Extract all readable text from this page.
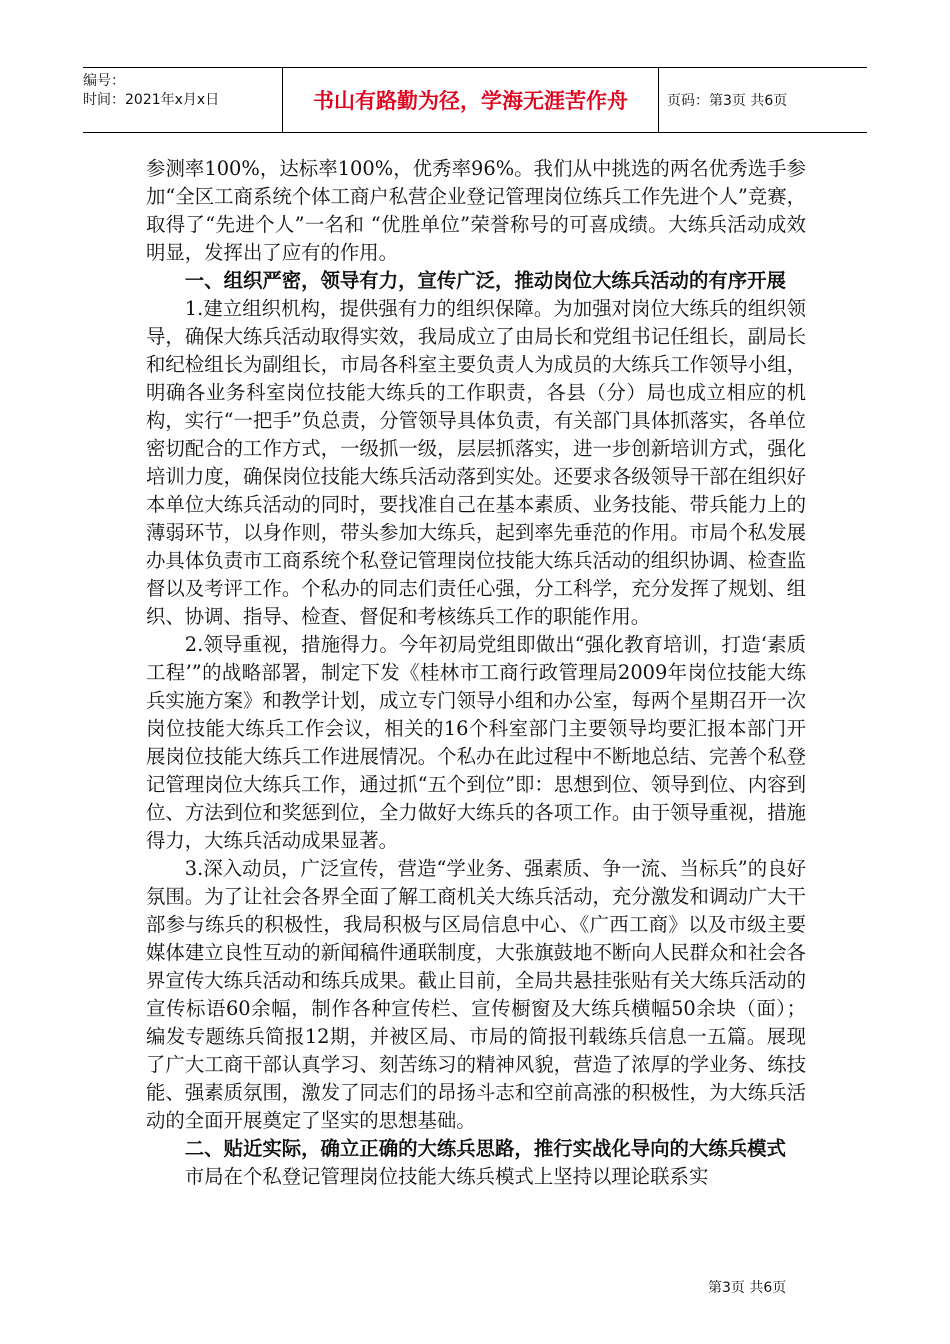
编号：
时间：2021年x月x日	书山有路勤为径，学海无涯苦作舟	页码：第3页 共6页

参测率100%，达标率100%，优秀率96%。我们从中挑选的两名优秀选手参加“全区工商系统个体工商户私营企业登记管理岗位练兵工作先进个人”竞赛，取得了“先进个人”一名和 “优胜单位”荣誉称号的可喜成绩。大练兵活动成效明显，发挥出了应有的作用。

一、组织严密，领导有力，宣传广泛，推动岗位大练兵活动的有序开展

1.建立组织机构，提供强有力的组织保障。为加强对岗位大练兵的组织领导，确保大练兵活动取得实效，我局成立了由局长和党组书记任组长，副局长和纪检组长为副组长，市局各科室主要负责人为成员的大练兵工作领导小组，明确各业务科室岗位技能大练兵的工作职责，各县（分）局也成立相应的机构，实行“一把手”负总责，分管领导具体负责，有关部门具体抓落实，各单位密切配合的工作方式，一级抓一级，层层抓落实，进一步创新培训方式，强化培训力度，确保岗位技能大练兵活动落到实处。还要求各级领导干部在组织好本单位大练兵活动的同时，要找准自己在基本素质、业务技能、带兵能力上的薄弱环节，以身作则，带头参加大练兵，起到率先垂范的作用。市局个私发展办具体负责市工商系统个私登记管理岗位技能大练兵活动的组织协调、检查监督以及考评工作。个私办的同志们责任心强，分工科学，充分发挥了规划、组织、协调、指导、检查、督促和考核练兵工作的职能作用。

2.领导重视，措施得力。今年初局党组即做出“强化教育培训，打造‘素质工程’”的战略部署，制定下发《桂林市工商行政管理局2009年岗位技能大练兵实施方案》和教学计划，成立专门领导小组和办公室，每两个星期召开一次岗位技能大练兵工作会议，相关的16个科室部门主要领导均要汇报本部门开展岗位技能大练兵工作进展情况。个私办在此过程中不断地总结、完善个私登记管理岗位大练兵工作，通过抓“五个到位”即：思想到位、领导到位、内容到位、方法到位和奖惩到位，全力做好大练兵的各项工作。由于领导重视，措施得力，大练兵活动成果显著。

3.深入动员，广泛宣传，营造“学业务、强素质、争一流、当标兵”的良好氛围。为了让社会各界全面了解工商机关大练兵活动，充分激发和调动广大干部参与练兵的积极性，我局积极与区局信息中心、《广西工商》以及市级主要媒体建立良性互动的新闻稿件通联制度，大张旗鼓地不断向人民群众和社会各界宣传大练兵活动和练兵成果。截止目前，全局共悬挂张贴有关大练兵活动的宣传标语60余幅，制作各种宣传栏、宣传橱窗及大练兵横幅50余块（面）；编发专题练兵简报12期，并被区局、市局的简报刊载练兵信息一五篇。展现了广大工商干部认真学习、刻苦练习的精神风貌，营造了浓厚的学业务、练技能、强素质氛围，激发了同志们的昂扬斗志和空前高涨的积极性，为大练兵活动的全面开展奠定了坚实的思想基础。

二、贴近实际，确立正确的大练兵思路，推行实战化导向的大练兵模式

市局在个私登记管理岗位技能大练兵模式上坚持以理论联系实

第3页 共6页
